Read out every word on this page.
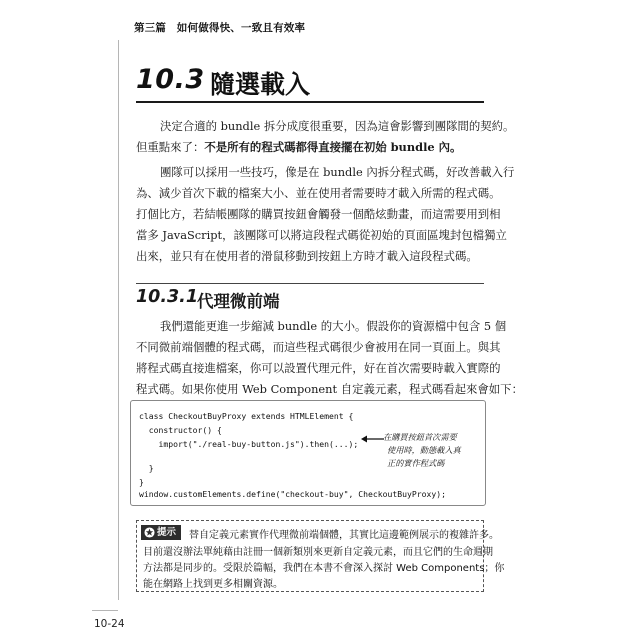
第三篇　如何做得快、一致且有效率
10-24
10.3 隨選載入
決定合適的 bundle 拆分成度很重要，因為這會影響到團隊間的契約。
但重點來了：不是所有的程式碼都得直接擺在初始 bundle 內。
團隊可以採用一些技巧，像是在 bundle 內拆分程式碼，好改善載入行
為、減少首次下載的檔案大小、並在使用者需要時才載入所需的程式碼。
打個比方，若結帳團隊的購買按鈕會觸發一個酷炫動畫，而這需要用到相
當多 JavaScript，該團隊可以將這段程式碼從初始的頁面區塊封包檔獨立
出來，並只有在使用者的滑鼠移動到按鈕上方時才載入這段程式碼。
10.3.1
代理微前端
我們還能更進一步縮減 bundle 的大小。假設你的資源檔中包含 5 個
不同微前端個體的程式碼，而這些程式碼很少會被用在同一頁面上。與其
將程式碼直接進檔案，你可以設置代理元件，好在首次需要時載入實際的
程式碼。如果你使用 Web Component 自定義元素，程式碼看起來會如下：
class CheckoutBuyProxy extends HTMLElement {
constructor() {
import("./real-buy-button.js").then(...);
}
}
window.customElements.define("checkout-buy", CheckoutBuyProxy);
在購買按鈕首次需要
使用時，動態載入真
正的實作程式碼
提示 替自定義元素實作代理微前端個體，其實比這邊範例展示的複雜許多。
目前還沒辦法單純藉由註冊一個新類別來更新自定義元素，而且它們的生命週期
方法都是同步的。受限於篇幅，我們在本書不會深入探討 Web Components；你
能在網路上找到更多相關資源。
